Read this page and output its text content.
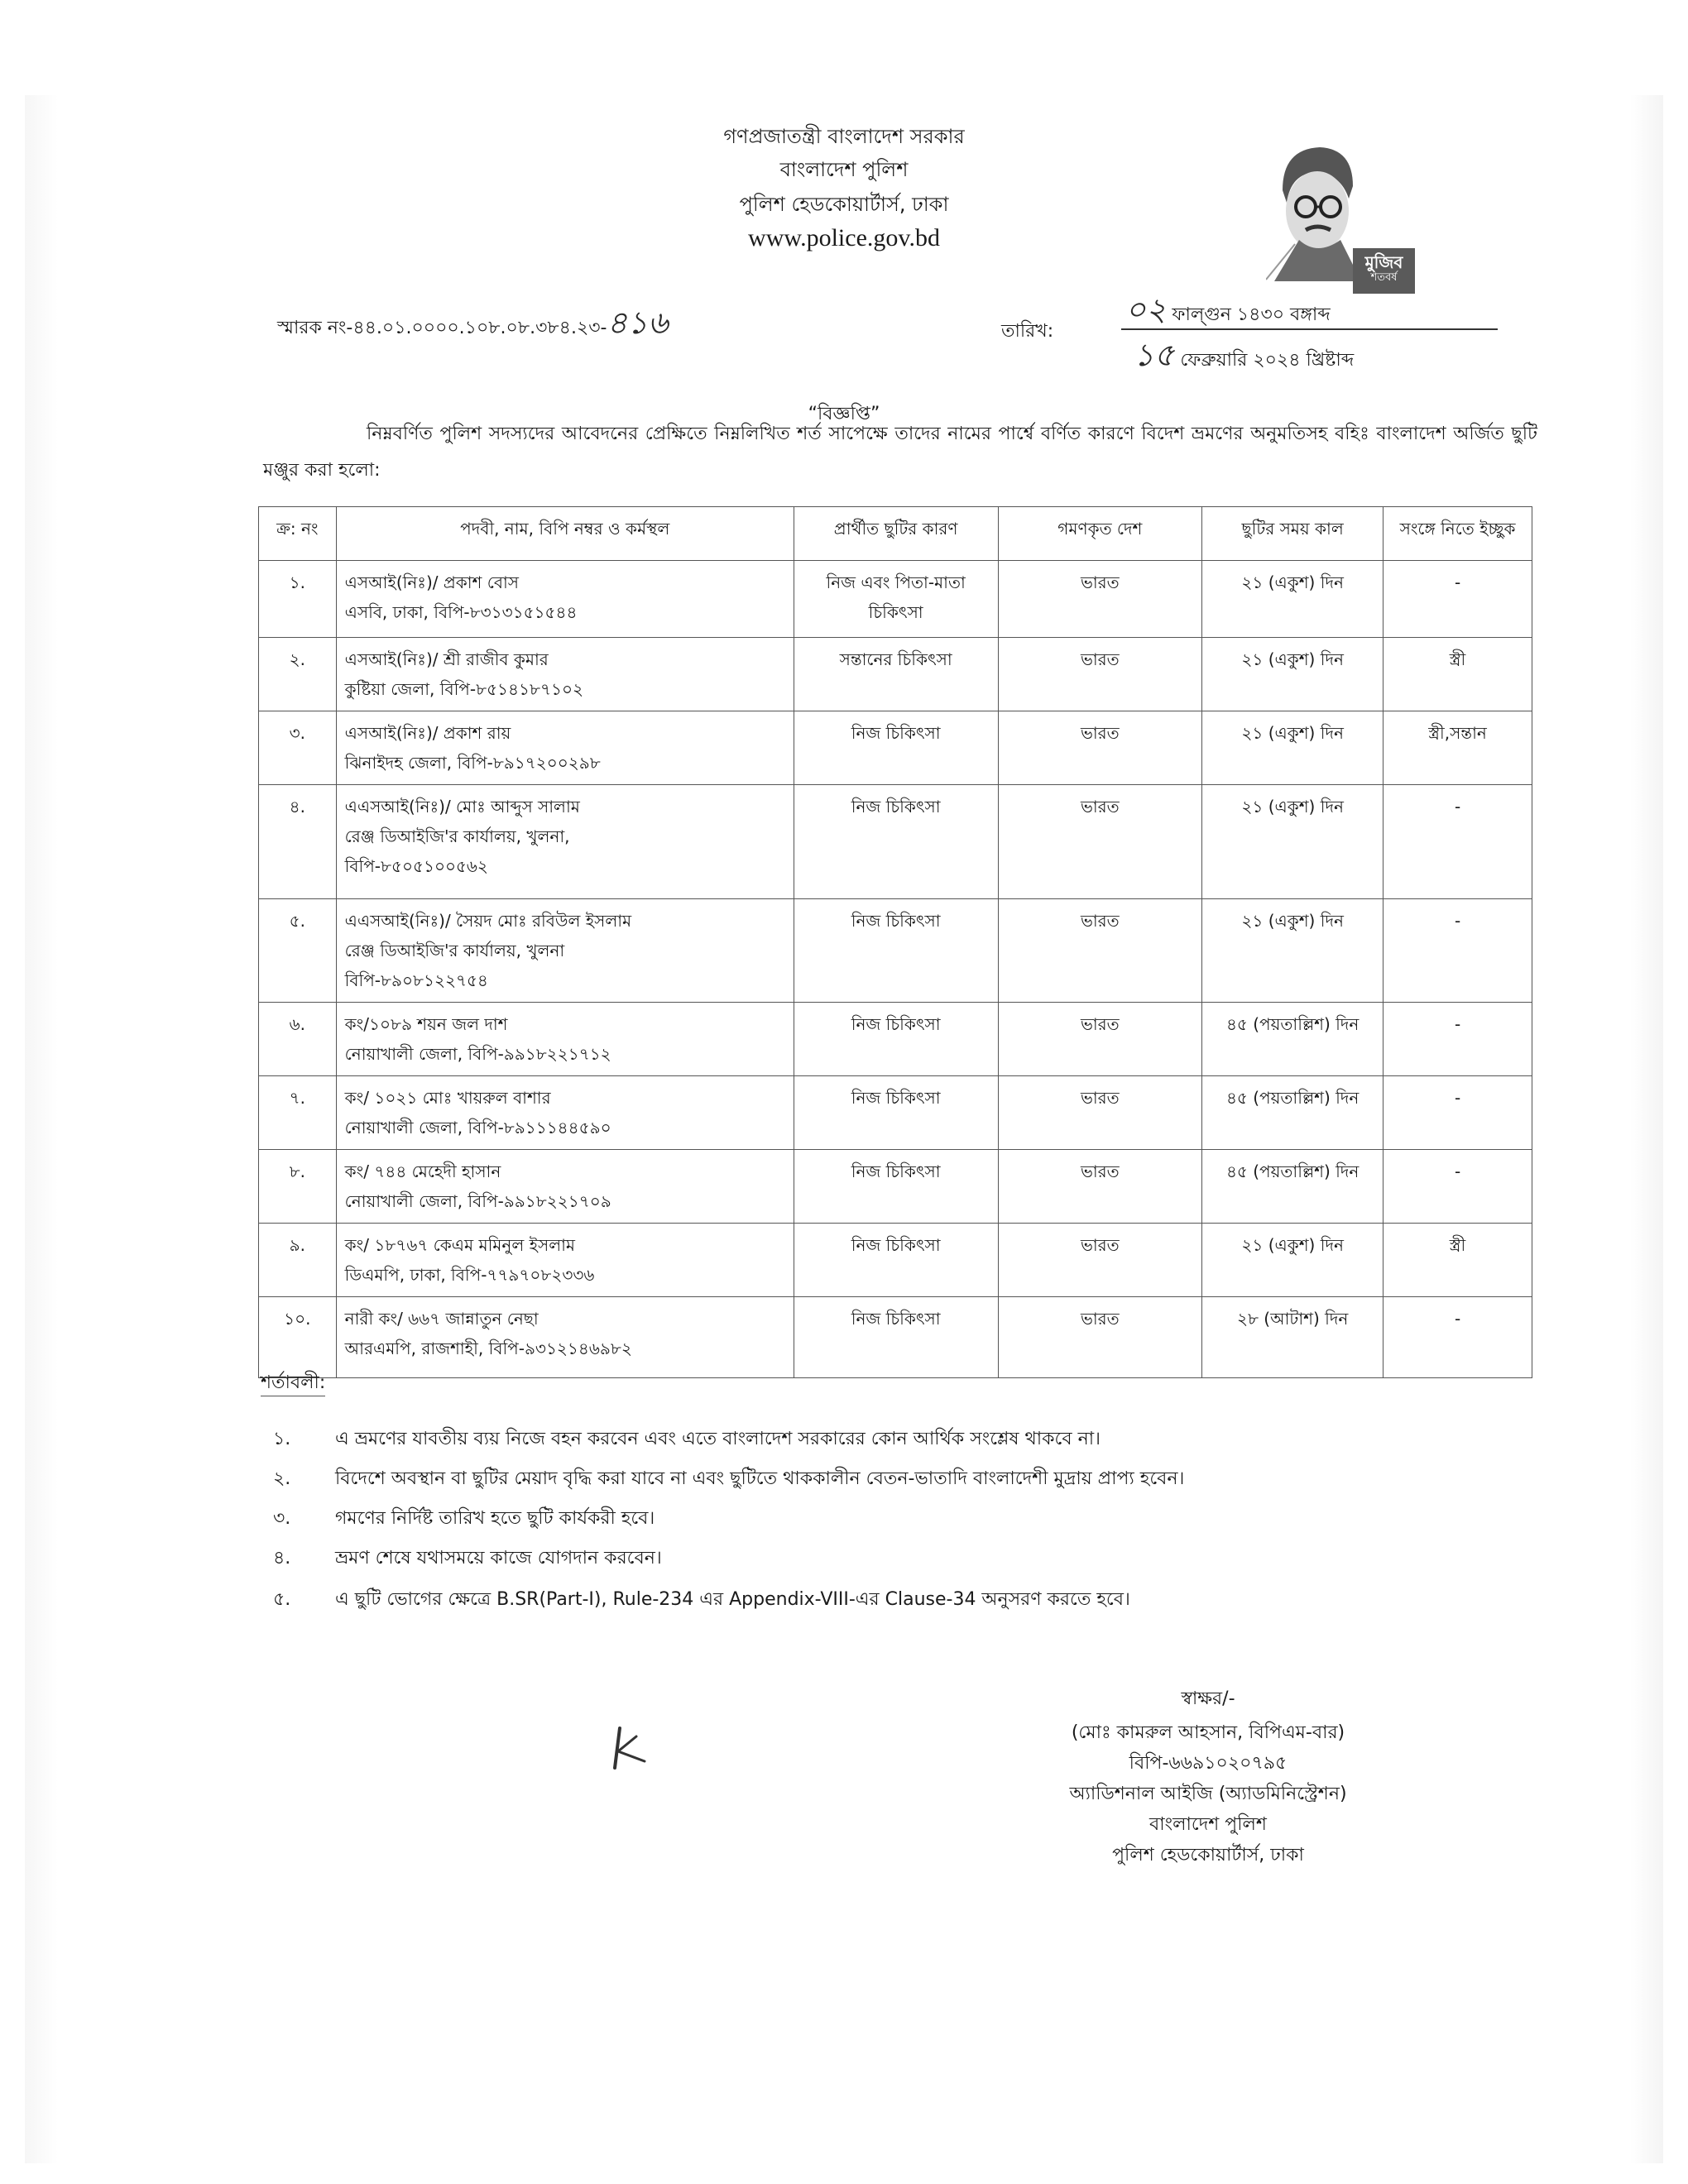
গণপ্রজাতন্ত্রী বাংলাদেশ সরকার
বাংলাদেশ পুলিশ
পুলিশ হেডকোয়ার্টার্স, ঢাকা
www.police.gov.bd
মুজিব
শতবর্ষ
স্মারক নং-৪৪.০১.০০০০.১০৮.০৮.৩৮৪.২৩-৪১৬	তারিখ:
০২ ফাল্গুন ১৪৩০ বঙ্গাব্দ
১৫ ফেব্রুয়ারি ২০২৪ খ্রিষ্টাব্দ
“বিজ্ঞপ্তি”
নিম্নবর্ণিত পুলিশ সদস্যদের আবেদনের প্রেক্ষিতে নিম্নলিখিত শর্ত সাপেক্ষে তাদের নামের পার্শ্বে বর্ণিত কারণে বিদেশ ভ্রমণের অনুমতিসহ বহিঃ বাংলাদেশ অর্জিত ছুটি মঞ্জুর করা হলো:
ক্র: নং	পদবী, নাম, বিপি নম্বর ও কর্মস্থল	প্রার্থীত ছুটির কারণ	গমণকৃত দেশ	ছুটির সময় কাল	সংঙ্গে নিতে ইচ্ছুক
১.	এসআই(নিঃ)/ প্রকাশ বোস
এসবি, ঢাকা, বিপি-৮৩১৩১৫১৫৪৪	নিজ এবং পিতা-মাতা চিকিৎসা	ভারত	২১ (একুশ) দিন	-
২.	এসআই(নিঃ)/ শ্রী রাজীব কুমার
কুষ্টিয়া জেলা, বিপি-৮৫১৪১৮৭১০২	সন্তানের চিকিৎসা	ভারত	২১ (একুশ) দিন	স্ত্রী
৩.	এসআই(নিঃ)/ প্রকাশ রায়
ঝিনাইদহ জেলা, বিপি-৮৯১৭২০০২৯৮	নিজ চিকিৎসা	ভারত	২১ (একুশ) দিন	স্ত্রী,সন্তান
৪.	এএসআই(নিঃ)/ মোঃ আব্দুস সালাম
রেঞ্জ ডিআইজি'র কার্যালয়, খুলনা,
বিপি-৮৫০৫১০০৫৬২	নিজ চিকিৎসা	ভারত	২১ (একুশ) দিন	-
৫.	এএসআই(নিঃ)/ সৈয়দ মোঃ রবিউল ইসলাম
রেঞ্জ ডিআইজি'র কার্যালয়, খুলনা
বিপি-৮৯০৮১২২৭৫৪	নিজ চিকিৎসা	ভারত	২১ (একুশ) দিন	-
৬.	কং/১০৮৯ শয়ন জল দাশ
নোয়াখালী জেলা, বিপি-৯৯১৮২২১৭১২	নিজ চিকিৎসা	ভারত	৪৫ (পয়তাল্লিশ) দিন	-
৭.	কং/ ১০২১ মোঃ খায়রুল বাশার
নোয়াখালী জেলা, বিপি-৮৯১১১৪৪৫৯০	নিজ চিকিৎসা	ভারত	৪৫ (পয়তাল্লিশ) দিন	-
৮.	কং/ ৭৪৪ মেহেদী হাসান
নোয়াখালী জেলা, বিপি-৯৯১৮২২১৭০৯	নিজ চিকিৎসা	ভারত	৪৫ (পয়তাল্লিশ) দিন	-
৯.	কং/ ১৮৭৬৭ কেএম মমিনুল ইসলাম
ডিএমপি, ঢাকা, বিপি-৭৭৯৭০৮২৩৩৬	নিজ চিকিৎসা	ভারত	২১ (একুশ) দিন	স্ত্রী
১০.	নারী কং/ ৬৬৭ জান্নাতুন নেছা
আরএমপি, রাজশাহী, বিপি-৯৩১২১৪৬৯৮২	নিজ চিকিৎসা	ভারত	২৮ (আটাশ) দিন	-
শর্তাবলী:
১. এ ভ্রমণের যাবতীয় ব্যয় নিজে বহন করবেন এবং এতে বাংলাদেশ সরকারের কোন আর্থিক সংশ্লেষ থাকবে না।
২. বিদেশে অবস্থান বা ছুটির মেয়াদ বৃদ্ধি করা যাবে না এবং ছুটিতে থাককালীন বেতন-ভাতাদি বাংলাদেশী মুদ্রায় প্রাপ্য হবেন।
৩. গমণের নির্দিষ্ট তারিখ হতে ছুটি কার্যকরী হবে।
৪. ভ্রমণ শেষে যথাসময়ে কাজে যোগদান করবেন।
৫. এ ছুটি ভোগের ক্ষেত্রে B.SR(Part-I), Rule-234 এর Appendix-VIII-এর Clause-34 অনুসরণ করতে হবে।
স্বাক্ষর/-
(মোঃ কামরুল আহসান, বিপিএম-বার)
বিপি-৬৬৯১০২০৭৯৫
অ্যাডিশনাল আইজি (অ্যাডমিনিস্ট্রেশন)
বাংলাদেশ পুলিশ
পুলিশ হেডকোয়ার্টার্স, ঢাকা
